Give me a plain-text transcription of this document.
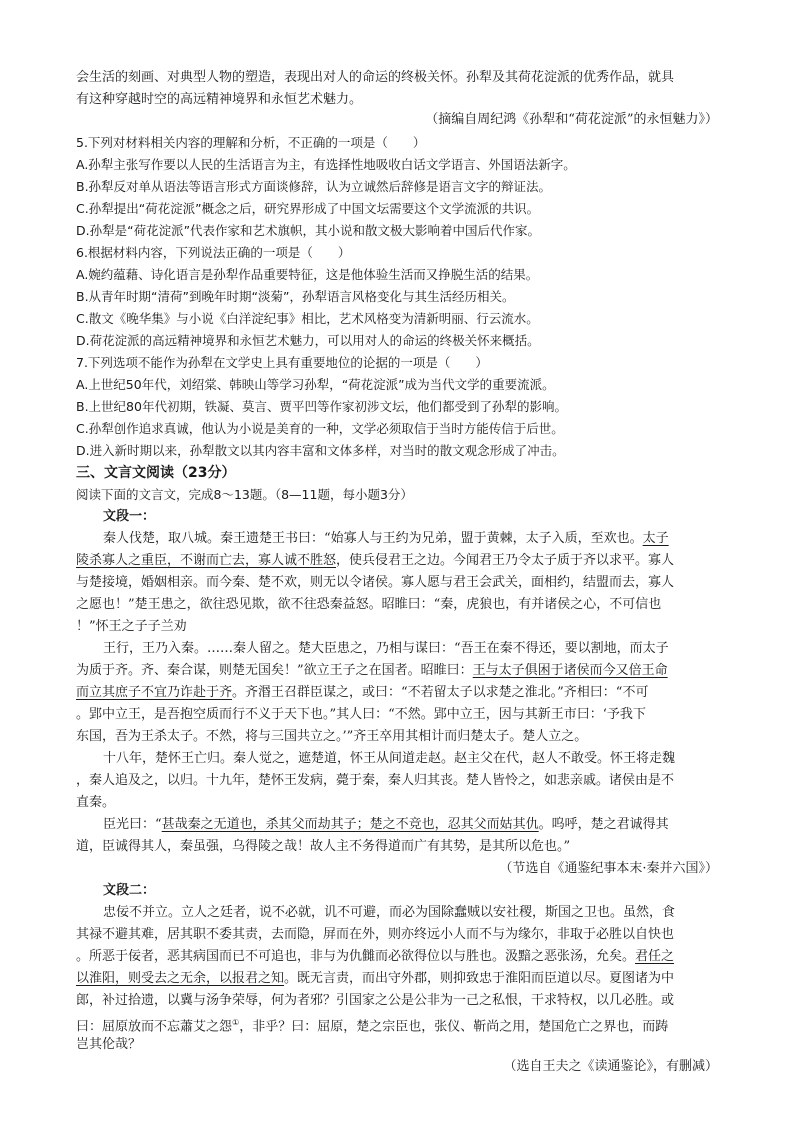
会生活的刻画、对典型人物的塑造，表现出对人的命运的终极关怀。孙犁及其荷花淀派的优秀作品，就具
有这种穿越时空的高远精神境界和永恒艺术魅力。
（摘编自周纪鸿《孙犁和“荷花淀派”的永恒魅力》）
5.下列对材料相关内容的理解和分析，不正确的一项是（　　）
A.孙犁主张写作要以人民的生活语言为主，有选择性地吸收白话文学语言、外国语法新字。
B.孙犁反对单从语法等语言形式方面谈修辞，认为立诚然后辞修是语言文字的辩证法。
C.孙犁提出“荷花淀派”概念之后，研究界形成了中国文坛需要这个文学流派的共识。
D.孙犁是“荷花淀派”代表作家和艺术旗帜，其小说和散文极大影响着中国后代作家。
6.根据材料内容，下列说法正确的一项是（　　）
A.婉约蕴藉、诗化语言是孙犁作品重要特征，这是他体验生活而又挣脱生活的结果。
B.从青年时期“清荷”到晚年时期“淡菊”，孙犁语言风格变化与其生活经历相关。
C.散文《晚华集》与小说《白洋淀纪事》相比，艺术风格变为清新明丽、行云流水。
D.荷花淀派的高远精神境界和永恒艺术魅力，可以用对人的命运的终极关怀来概括。
7.下列选项不能作为孙犁在文学史上具有重要地位的论据的一项是（　　）
A.上世纪50年代，刘绍棠、韩映山等学习孙犁，“荷花淀派”成为当代文学的重要流派。
B.上世纪80年代初期，铁凝、莫言、贾平凹等作家初涉文坛，他们都受到了孙犁的影响。
C.孙犁创作追求真诚，他认为小说是美育的一种，文学必须取信于当时方能传信于后世。
D.进入新时期以来，孙犁散文以其内容丰富和文体多样，对当时的散文观念形成了冲击。
三、文言文阅读（23分）
阅读下面的文言文，完成8～13题。（8—11题，每小题3分）
文段一：
秦人伐楚，取八城。秦王遗楚王书曰：“始寡人与王约为兄弟，盟于黄棘，太子入质，至欢也。太子
陵杀寡人之重臣，不谢而亡去，寡人诚不胜怒，使兵侵君王之边。今闻君王乃令太子质于齐以求平。寡人
与楚接境，婚姻相亲。而今秦、楚不欢，则无以令诸侯。寡人愿与君王会武关，面相约，结盟而去，寡人
之愿也！”楚王患之，欲往恐见欺，欲不往恐秦益怒。昭睢曰：“秦，虎狼也，有并诸侯之心，不可信也
！”怀王之子子兰劝
王行，王乃入秦。……秦人留之。楚大臣患之，乃相与谋曰：“吾王在秦不得还，要以割地，而太子
为质于齐。齐、秦合谋，则楚无国矣！”欲立王子之在国者。昭睢曰：王与太子俱困于诸侯而今又倍王命
而立其庶子不宜乃诈赴于齐。齐湣王召群臣谋之，或曰：“不若留太子以求楚之淮北。”齐相曰：“不可
。郢中立王，是吾抱空质而行不义于天下也。”其人曰：“不然。郢中立王，因与其新王市曰：‘予我下
东国，吾为王杀太子。不然，将与三国共立之。’”齐王卒用其相计而归楚太子。楚人立之。
十八年，楚怀王亡归。秦人觉之，遮楚道，怀王从间道走赵。赵主父在代，赵人不敢受。怀王将走魏
，秦人追及之，以归。十九年，楚怀王发病，薨于秦，秦人归其丧。楚人皆怜之，如悲亲戚。诸侯由是不
直秦。
臣光曰：“甚哉秦之无道也，杀其父而劫其子；楚之不竞也，忍其父而姑其仇。呜呼，楚之君诚得其
道，臣诚得其人，秦虽强，乌得陵之哉！故人主不务得道而广有其势，是其所以危也。”
（节选自《通鉴纪事本末·秦并六国》）
文段二：
忠佞不并立。立人之廷者，说不必就，讥不可避，而必为国除蠢贼以安社稷，斯国之卫也。虽然，食
其禄不避其难，居其职不委其责，去而隐，屏而在外，则亦终远小人而不与为缘尔，非取于必胜以自快也
。所恶于佞者，恶其病国而已不可追也，非与为仇雠而必欲得位以与胜也。汲黯之恶张汤，允矣。君任之
以淮阳，则受去之无余，以报君之知。既无言责，而出守外郡，则抑致忠于淮阳而臣道以尽。夏图诸为中
郎，补过拾遗，以冀与汤争荣辱，何为者邪？引国家之公是公非为一己之私恨，干求特权，以几必胜。或
曰：屈原放而不忘蕭艾之怨①，非乎？曰：屈原，楚之宗臣也，张仪、靳尚之用，楚国危亡之界也，而踌
岂其伦哉？
（选自王夫之《读通鉴论》，有删减）
